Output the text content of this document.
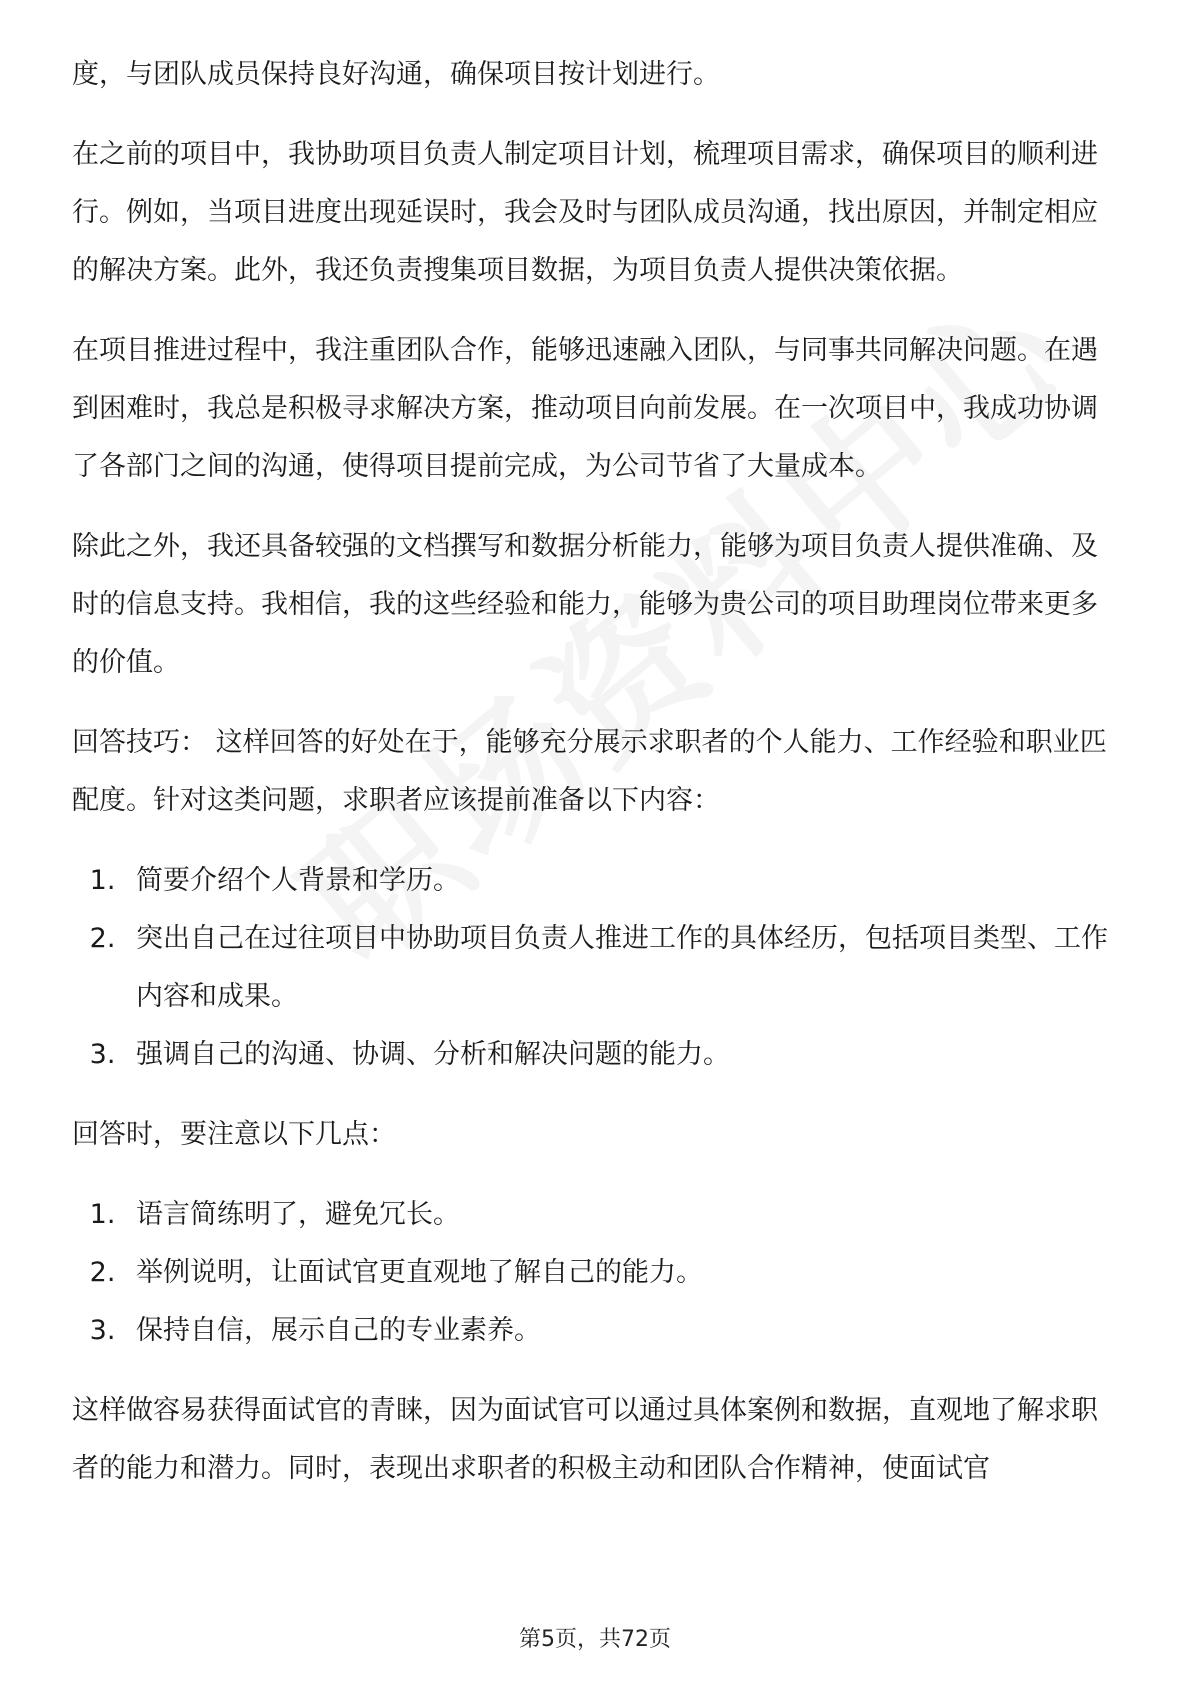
度，与团队成员保持良好沟通，确保项目按计划进行。

在之前的项目中，我协助项目负责人制定项目计划，梳理项目需求，确保项目的顺利进行。例如，当项目进度出现延误时，我会及时与团队成员沟通，找出原因，并制定相应的解决方案。此外，我还负责搜集项目数据，为项目负责人提供决策依据。

在项目推进过程中，我注重团队合作，能够迅速融入团队，与同事共同解决问题。在遇到困难时，我总是积极寻求解决方案，推动项目向前发展。在一次项目中，我成功协调了各部门之间的沟通，使得项目提前完成，为公司节省了大量成本。

除此之外，我还具备较强的文档撰写和数据分析能力，能够为项目负责人提供准确、及时的信息支持。我相信，我的这些经验和能力，能够为贵公司的项目助理岗位带来更多的价值。

回答技巧： 这样回答的好处在于，能够充分展示求职者的个人能力、工作经验和职业匹配度。针对这类问题，求职者应该提前准备以下内容：

1. 简要介绍个人背景和学历。
2. 突出自己在过往项目中协助项目负责人推进工作的具体经历，包括项目类型、工作内容和成果。
3. 强调自己的沟通、协调、分析和解决问题的能力。

回答时，要注意以下几点：

1. 语言简练明了，避免冗长。
2. 举例说明，让面试官更直观地了解自己的能力。
3. 保持自信，展示自己的专业素养。

这样做容易获得面试官的青睐，因为面试官可以通过具体案例和数据，直观地了解求职者的能力和潜力。同时，表现出求职者的积极主动和团队合作精神，使面试官

第5页，共72页
